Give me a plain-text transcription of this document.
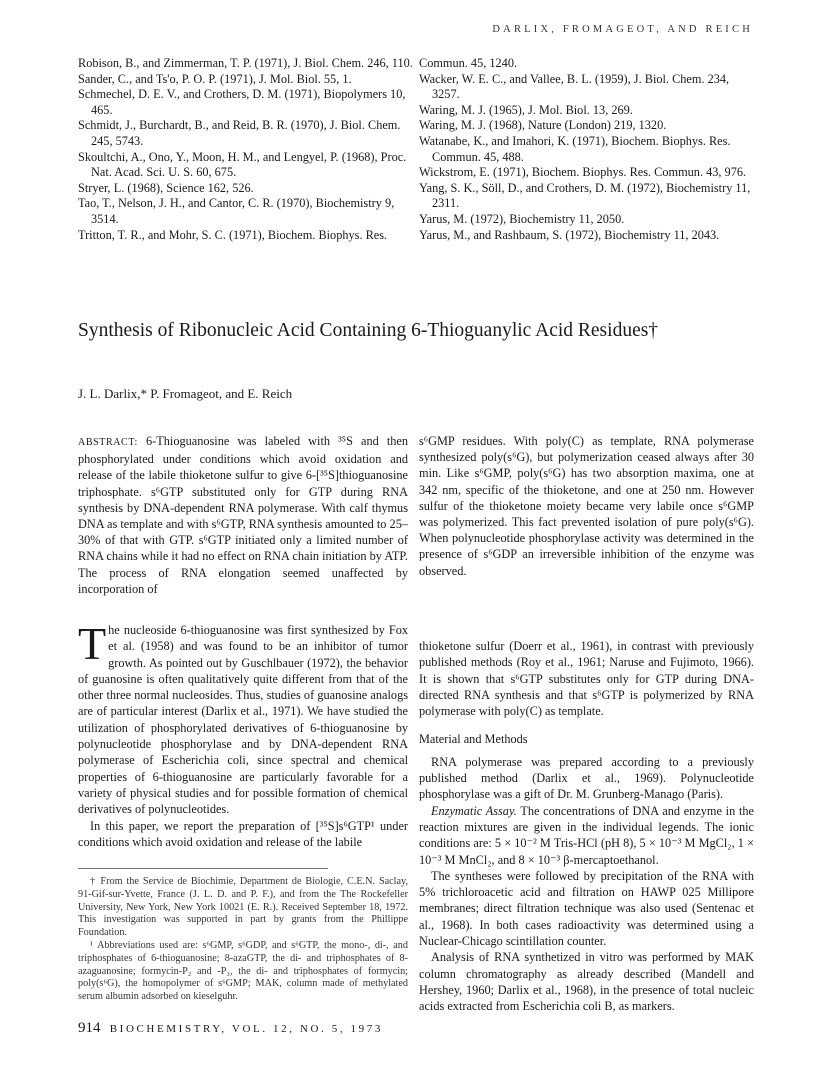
DARLIX, FROMAGEOT, AND REICH

Robison, B., and Zimmerman, T. P. (1971), J. Biol. Chem. 246, 110.

Sander, C., and Ts'o, P. O. P. (1971), J. Mol. Biol. 55, 1.

Schmechel, D. E. V., and Crothers, D. M. (1971), Biopolymers 10, 465.

Schmidt, J., Burchardt, B., and Reid, B. R. (1970), J. Biol. Chem. 245, 5743.

Skoultchi, A., Ono, Y., Moon, H. M., and Lengyel, P. (1968), Proc. Nat. Acad. Sci. U. S. 60, 675.

Stryer, L. (1968), Science 162, 526.

Tao, T., Nelson, J. H., and Cantor, C. R. (1970), Biochemistry 9, 3514.

Tritton, T. R., and Mohr, S. C. (1971), Biochem. Biophys. Res.

Commun. 45, 1240.

Wacker, W. E. C., and Vallee, B. L. (1959), J. Biol. Chem. 234, 3257.

Waring, M. J. (1965), J. Mol. Biol. 13, 269.

Waring, M. J. (1968), Nature (London) 219, 1320.

Watanabe, K., and Imahori, K. (1971), Biochem. Biophys. Res. Commun. 45, 488.

Wickstrom, E. (1971), Biochem. Biophys. Res. Commun. 43, 976.

Yang, S. K., Söll, D., and Crothers, D. M. (1972), Biochemistry 11, 2311.

Yarus, M. (1972), Biochemistry 11, 2050.

Yarus, M., and Rashbaum, S. (1972), Biochemistry 11, 2043.

Synthesis of Ribonucleic Acid Containing 6-Thioguanylic Acid Residues†
J. L. Darlix,* P. Fromageot, and E. Reich

ABSTRACT: 6-Thioguanosine was labeled with ³⁵S and then phosphorylated under conditions which avoid oxidation and release of the labile thioketone sulfur to give 6-[³⁵S]thioguanosine triphosphate. s⁶GTP substituted only for GTP during RNA synthesis by DNA-dependent RNA polymerase. With calf thymus DNA as template and with s⁶GTP, RNA synthesis amounted to 25–30% of that with GTP. s⁶GTP initiated only a limited number of RNA chains while it had no effect on RNA chain initiation by ATP. The process of RNA elongation seemed unaffected by incorporation of

s⁶GMP residues. With poly(C) as template, RNA polymerase synthesized poly(s⁶G), but polymerization ceased always after 30 min. Like s⁶GMP, poly(s⁶G) has two absorption maxima, one at 342 nm, specific of the thioketone, and one at 250 nm. However sulfur of the thioketone moiety became very labile once s⁶GMP was polymerized. This fact prevented isolation of pure poly(s⁶G). When polynucleotide phosphorylase activity was determined in the presence of s⁶GDP an irreversible inhibition of the enzyme was observed.

The nucleoside 6-thioguanosine was first synthesized by Fox et al. (1958) and was found to be an inhibitor of tumor growth. As pointed out by Guschlbauer (1972), the behavior of guanosine is often qualitatively quite different from that of the other three normal nucleosides. Thus, studies of guanosine analogs are of particular interest (Darlix et al., 1971). We have studied the utilization of phosphorylated derivatives of 6-thioguanosine by polynucleotide phosphorylase and by DNA-dependent RNA polymerase of Escherichia coli, since spectral and chemical properties of 6-thioguanosine are particularly favorable for a variety of physical studies and for possible formation of chemical derivatives of polynucleotides.

In this paper, we report the preparation of [³⁵S]s⁶GTP¹ under conditions which avoid oxidation and release of the labile

thioketone sulfur (Doerr et al., 1961), in contrast with previously published methods (Roy et al., 1961; Naruse and Fujimoto, 1966). It is shown that s⁶GTP substitutes only for GTP during DNA-directed RNA synthesis and that s⁶GTP is polymerized by RNA polymerase with poly(C) as template.

Material and Methods

RNA polymerase was prepared according to a previously published method (Darlix et al., 1969). Polynucleotide phosphorylase was a gift of Dr. M. Grunberg-Manago (Paris).

Enzymatic Assay. The concentrations of DNA and enzyme in the reaction mixtures are given in the individual legends. The ionic conditions are: 5 × 10⁻² M Tris-HCl (pH 8), 5 × 10⁻³ M MgCl₂, 1 × 10⁻³ M MnCl₂, and 8 × 10⁻³ β-mercaptoethanol.

The syntheses were followed by precipitation of the RNA with 5% trichloroacetic acid and filtration on HAWP 025 Millipore membranes; direct filtration technique was also used (Sentenac et al., 1968). In both cases radioactivity was determined using a Nuclear-Chicago scintillation counter.

Analysis of RNA synthetized in vitro was performed by MAK column chromatography as already described (Mandell and Hershey, 1960; Darlix et al., 1968), in the presence of total nucleic acids extracted from Escherichia coli B, as markers.

† From the Service de Biochimie, Department de Biologie, C.E.N. Saclay, 91-Gif-sur-Yvette, France (J. L. D. and P. F.), and from the The Rockefeller University, New York, New York 10021 (E. R.). Received September 18, 1972. This investigation was supported in part by grants from the Phillippe Foundation.

¹ Abbreviations used are: s⁶GMP, s⁶GDP, and s⁶GTP, the mono-, di-, and triphosphates of 6-thioguanosine; 8-azaGTP, the di- and triphosphates of 8-azaguanosine; formycin-P₂ and -P₃, the di- and triphosphates of formycin; poly(s⁶G), the homopolymer of s⁶GMP; MAK, column made of methylated serum albumin adsorbed on kieselguhr.

914 BIOCHEMISTRY, VOL. 12, NO. 5, 1973
